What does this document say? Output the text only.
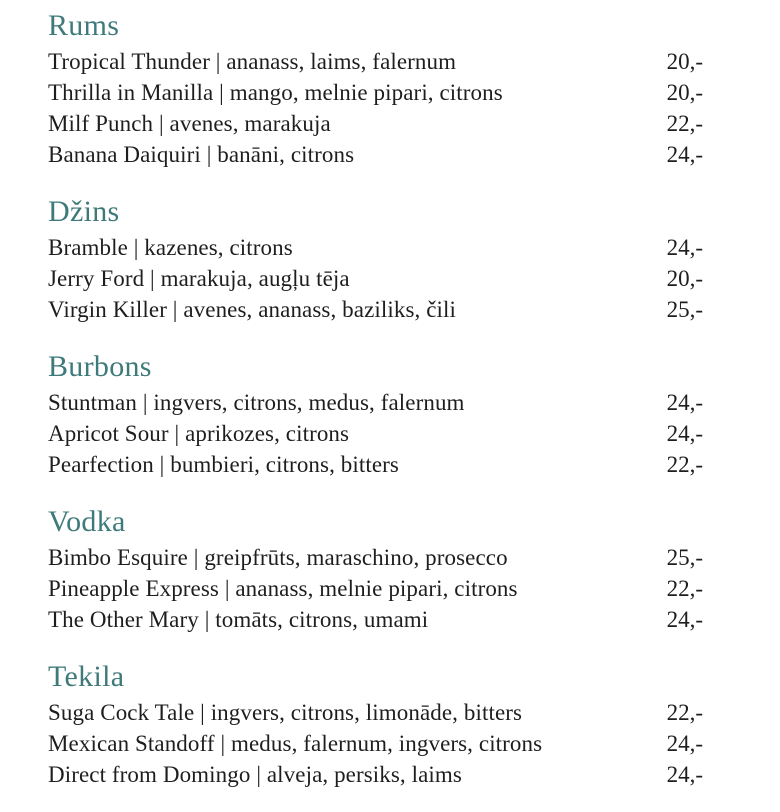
Rums
Tropical Thunder | ananass, laims, falernum	20,-
Thrilla in Manilla | mango, melnie pipari, citrons	20,-
Milf Punch | avenes, marakuja	22,-
Banana Daiquiri | banāni, citrons	24,-
Džins
Bramble | kazenes, citrons	24,-
Jerry Ford | marakuja, augļu tēja	20,-
Virgin Killer | avenes, ananass, baziliks, čili	25,-
Burbons
Stuntman | ingvers, citrons, medus, falernum	24,-
Apricot Sour | aprikozes, citrons	24,-
Pearfection | bumbieri, citrons, bitters	22,-
Vodka
Bimbo Esquire | greipfrūts, maraschino, prosecco	25,-
Pineapple Express | ananass, melnie pipari, citrons	22,-
The Other Mary | tomāts, citrons, umami	24,-
Tekila
Suga Cock Tale | ingvers, citrons, limonāde, bitters	22,-
Mexican Standoff | medus, falernum, ingvers, citrons	24,-
Direct from Domingo | alveja, persiks, laims	24,-
